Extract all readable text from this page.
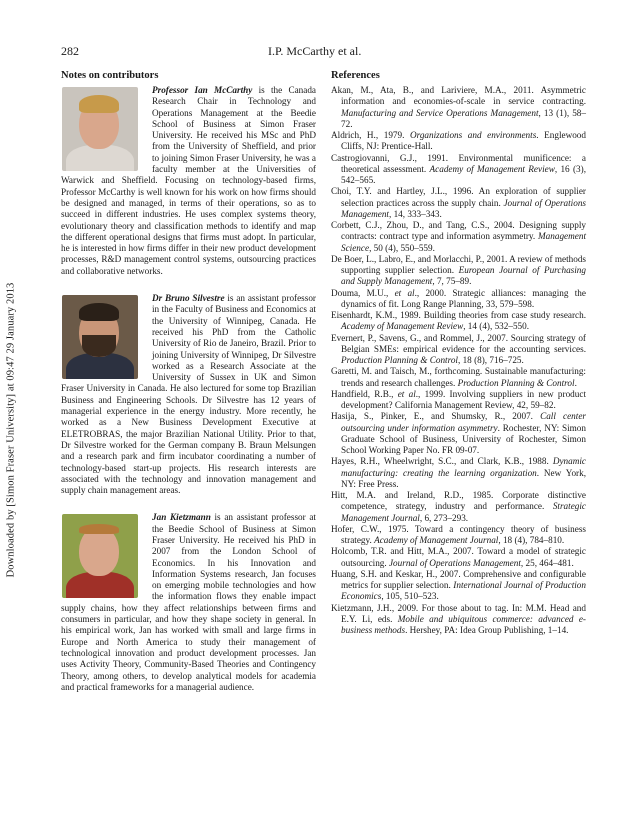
282	I.P. McCarthy et al.
Downloaded by [Simon Fraser University] at 09:47 29 January 2013
Notes on contributors
Professor Ian McCarthy is the Canada Research Chair in Technology and Operations Management at the Beedie School of Business at Simon Fraser University. He received his MSc and PhD from the University of Sheffield, and prior to joining Simon Fraser University, he was a faculty member at the Universities of Warwick and Sheffield. Focusing on technology-based firms, Professor McCarthy is well known for his work on how firms should be designed and managed, in terms of their operations, so as to succeed in different industries. He uses complex systems theory, evolutionary theory and classification methods to identify and map the different operational designs that firms must adopt. In particular, he is interested in how firms differ in their new product development processes, R&D management control systems, outsourcing practices and collaborative networks.
Dr Bruno Silvestre is an assistant professor in the Faculty of Business and Economics at the University of Winnipeg, Canada. He received his PhD from the Catholic University of Rio de Janeiro, Brazil. Prior to joining University of Winnipeg, Dr Silvestre worked as a Research Associate at the University of Sussex in UK and Simon Fraser University in Canada. He also lectured for some top Brazilian Business and Engineering Schools. Dr Silvestre has 12 years of managerial experience in the energy industry. More recently, he worked as a New Business Development Executive at ELETROBRAS, the major Brazilian National Utility. Prior to that, Dr Silvestre worked for the German company B. Braun Melsungen and a research park and firm incubator coordinating a number of technology-based start-up projects. His research interests are associated with the technology and innovation management and supply chain management areas.
Jan Kietzmann is an assistant professor at the Beedie School of Business at Simon Fraser University. He received his PhD in 2007 from the London School of Economics. In his Innovation and Information Systems research, Jan focuses on emerging mobile technologies and how the information flows they enable impact supply chains, how they affect relationships between firms and consumers in particular, and how they shape society in general. In his empirical work, Jan has worked with small and large firms in Europe and North America to study their management of technological innovation and product development processes. Jan uses Activity Theory, Community-Based Theories and Contingency Theory, among others, to develop analytical models for academia and practical frameworks for a managerial audience.
References

Akan, M., Ata, B., and Lariviere, M.A., 2011. Asymmetric information and economies-of-scale in service contracting. Manufacturing and Service Operations Management, 13 (1), 58–72.

Aldrich, H., 1979. Organizations and environments. Englewood Cliffs, NJ: Prentice-Hall.

Castrogiovanni, G.J., 1991. Environmental munificence: a theoretical assessment. Academy of Management Review, 16 (3), 542–565.

Choi, T.Y. and Hartley, J.L., 1996. An exploration of supplier selection practices across the supply chain. Journal of Operations Management, 14, 333–343.

Corbett, C.J., Zhou, D., and Tang, C.S., 2004. Designing supply contracts: contract type and information asymmetry. Management Science, 50 (4), 550–559.

De Boer, L., Labro, E., and Morlacchi, P., 2001. A review of methods supporting supplier selection. European Journal of Purchasing and Supply Management, 7, 75–89.

Douma, M.U., et al., 2000. Strategic alliances: managing the dynamics of fit. Long Range Planning, 33, 579–598.

Eisenhardt, K.M., 1989. Building theories from case study research. Academy of Management Review, 14 (4), 532–550.

Evernert, P., Savens, G., and Rommel, J., 2007. Sourcing strategy of Belgian SMEs: empirical evidence for the accounting services. Production Planning & Control, 18 (8), 716–725.

Garetti, M. and Taisch, M., forthcoming. Sustainable manufacturing: trends and research challenges. Production Planning & Control.

Handfield, R.B., et al., 1999. Involving suppliers in new product development? California Management Review, 42, 59–82.

Hasija, S., Pinker, E., and Shumsky, R., 2007. Call center outsourcing under information asymmetry. Rochester, NY: Simon Graduate School of Business, University of Rochester, Simon School Working Paper No. FR 09-07.

Hayes, R.H., Wheelwright, S.C., and Clark, K.B., 1988. Dynamic manufacturing: creating the learning organization. New York, NY: Free Press.

Hitt, M.A. and Ireland, R.D., 1985. Corporate distinctive competence, strategy, industry and performance. Strategic Management Journal, 6, 273–293.

Hofer, C.W., 1975. Toward a contingency theory of business strategy. Academy of Management Journal, 18 (4), 784–810.

Holcomb, T.R. and Hitt, M.A., 2007. Toward a model of strategic outsourcing. Journal of Operations Management, 25, 464–481.

Huang, S.H. and Keskar, H., 2007. Comprehensive and configurable metrics for supplier selection. International Journal of Production Economics, 105, 510–523.

Kietzmann, J.H., 2009. For those about to tag. In: M.M. Head and E.Y. Li, eds. Mobile and ubiquitous commerce: advanced e-business methods. Hershey, PA: Idea Group Publishing, 1–14.
